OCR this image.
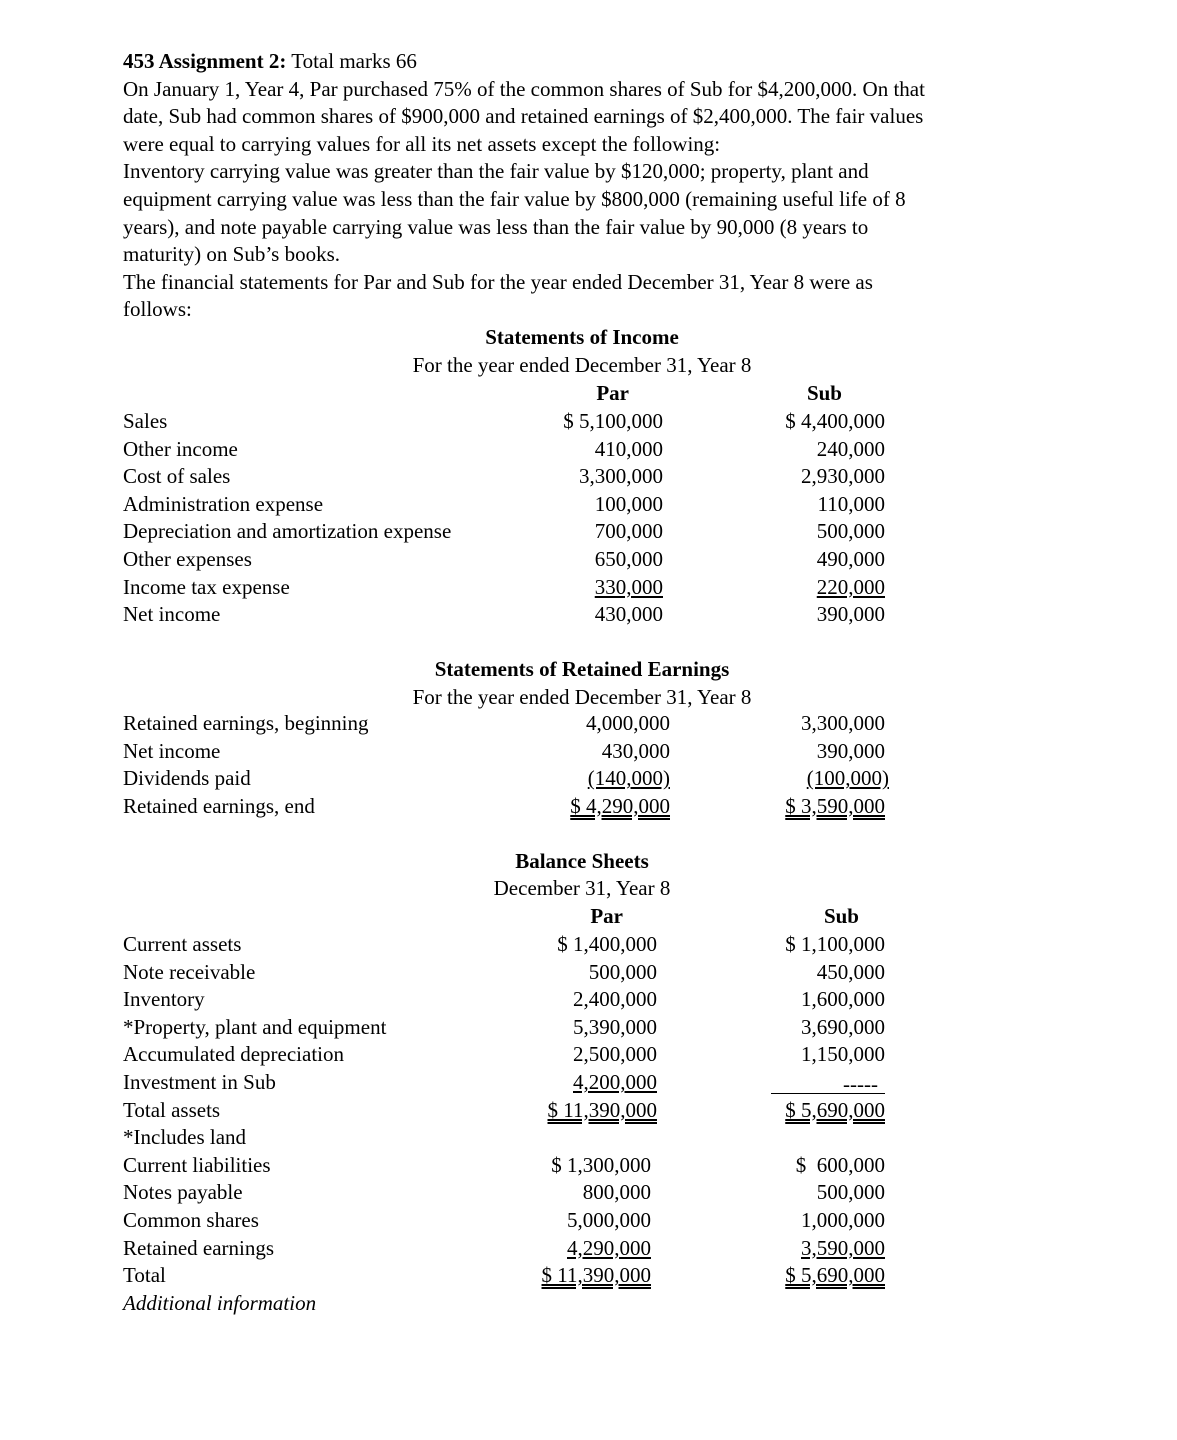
453 Assignment 2: Total marks 66

On January 1, Year 4, Par purchased 75% of the common shares of Sub for $4,200,000. On that

date, Sub had common shares of $900,000 and retained earnings of $2,400,000. The fair values

were equal to carrying values for all its net assets except the following:

Inventory carrying value was greater than the fair value by $120,000; property, plant and

equipment carrying value was less than the fair value by $800,000 (remaining useful life of 8

years), and note payable carrying value was less than the fair value by 90,000 (8 years to

maturity) on Sub’s books.

The financial statements for Par and Sub for the year ended December 31, Year 8 were as

follows:

Statements of Income
For the year ended December 31, Year 8
Par	Sub
Sales	$ 5,100,000	$ 4,400,000
Other income	410,000	240,000
Cost of sales	3,300,000	2,930,000
Administration expense	100,000	110,000
Depreciation and amortization expense	700,000	500,000
Other expenses	650,000	490,000
Income tax expense	330,000	220,000
Net income	430,000	390,000
Statements of Retained Earnings
For the year ended December 31, Year 8
Retained earnings, beginning	4,000,000	3,300,000
Net income	430,000	390,000
Dividends paid	(140,000)	(100,000)
Retained earnings, end	$ 4,290,000	$ 3,590,000
Balance Sheets
December 31, Year 8
Par	Sub
Current assets	$ 1,400,000	$ 1,100,000
Note receivable	500,000	450,000
Inventory	2,400,000	1,600,000
*Property, plant and equipment	5,390,000	3,690,000
Accumulated depreciation	2,500,000	1,150,000
Investment in Sub	4,200,000	-----
Total assets	$ 11,390,000	$ 5,690,000
*Includes land
Current liabilities	$ 1,300,000	$  600,000
Notes payable	800,000	500,000
Common shares	5,000,000	1,000,000
Retained earnings	4,290,000	3,590,000
Total	$ 11,390,000	$ 5,690,000
Additional information
